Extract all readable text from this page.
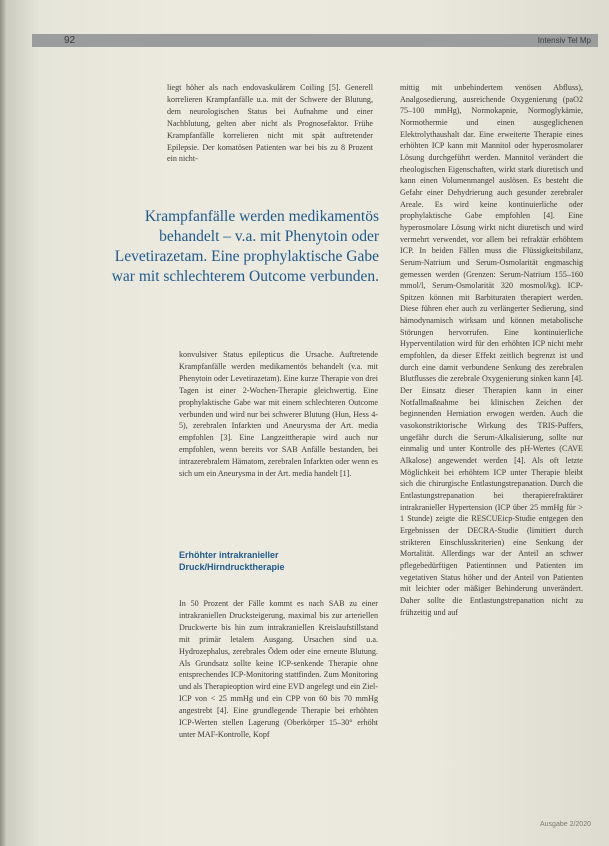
92	Intensiv Tel Mp

liegt höher als nach endovaskulärem Coiling [5]. Generell korrelieren Krampfanfälle u.a. mit der Schwere der Blutung, dem neurologischen Status bei Aufnahme und einer Nachblutung, gelten aber nicht als Prognosefaktor. Frühe Krampfanfälle korrelieren nicht mit spät auftretender Epilepsie. Der komatösen Patienten war bei bis zu 8 Prozent ein nicht-

Krampfanfälle werden medikamentös behandelt – v.a. mit Phenytoin oder Levetirazetam. Eine prophylaktische Gabe war mit schlechterem Outcome verbunden.

konvulsiver Status epilepticus die Ursache. Auftretende Krampfanfälle werden medikamentös behandelt (v.a. mit Phenytoin oder Levetirazetam). Eine kurze Therapie von drei Tagen ist einer 2-Wochen-Therapie gleichwertig. Eine prophylaktische Gabe war mit einem schlechteren Outcome verbunden und wird nur bei schwerer Blutung (Hun, Hess 4-5), zerebralen Infarkten und Aneurysma der Art. media empfohlen [3]. Eine Langzeittherapie wird auch nur empfohlen, wenn bereits vor SAB Anfälle bestanden, bei intrazerebralem Hämatom, zerebralen Infarkten oder wenn es sich um ein Aneurysma in der Art. media handelt [1].

Erhöhter intrakranieller Druck/Hirndrucktherapie

In 50 Prozent der Fälle kommt es nach SAB zu einer intrakraniellen Drucksteigerung, maximal bis zur arteriellen Druckwerte bis hin zum intrakraniellen Kreislaufstillstand mit primär letalem Ausgang. Ursachen sind u.a. Hydrozephalus, zerebrales Ödem oder eine erneute Blutung. Als Grundsatz sollte keine ICP-senkende Therapie ohne entsprechendes ICP-Monitoring stattfinden. Zum Monitoring und als Therapieoption wird eine EVD angelegt und ein Ziel-ICP von < 25 mmHg und ein CPP von 60 bis 70 mmHg angestrebt [4]. Eine grundlegende Therapie bei erhöhten ICP-Werten stellen Lagerung (Oberkörper 15–30° erhöht unter MAF-Kontrolle, Kopf

mittig mit unbehindertem venösen Abfluss), Analgosedierung, ausreichende Oxygenierung (paO2 75–100 mmHg), Normokapnie, Normoglykämie, Normothermie und einen ausgeglichenen Elektrolythaushalt dar. Eine erweiterte Therapie eines erhöhten ICP kann mit Mannitol oder hyperosmolarer Lösung durchgeführt werden. Mannitol verändert die rheologischen Eigenschaften, wirkt stark diuretisch und kann einen Volumenmangel auslösen. Es besteht die Gefahr einer Dehydrierung auch gesunder zerebraler Areale. Es wird keine kontinuierliche oder prophylaktische Gabe empfohlen [4]. Eine hyperosmolare Lösung wirkt nicht diuretisch und wird vermehrt verwendet, vor allem bei refraktär erhöhtem ICP. In beiden Fällen muss die Flüssigkeitsbilanz, Serum-Natrium und Serum-Osmolarität engmaschig gemessen werden (Grenzen: Serum-Natrium 155–160 mmol/l, Serum-Osmolarität 320 mosmol/kg). ICP-Spitzen können mit Barbituraten therapiert werden. Diese führen eher auch zu verlängerter Sedierung, sind hämodynamisch wirksam und können metabolische Störungen hervorrufen. Eine kontinuierliche Hyperventilation wird für den erhöhten ICP nicht mehr empfohlen, da dieser Effekt zeitlich begrenzt ist und durch eine damit verbundene Senkung des zerebralen Blutflusses die zerebrale Oxygenierung sinken kann [4]. Der Einsatz dieser Therapien kann in einer Notfallmaßnahme bei klinischen Zeichen der beginnenden Herniation erwogen werden. Auch die vasokonstriktorische Wirkung des TRIS-Puffers, ungefähr durch die Serum-Alkalisierung, sollte nur einmalig und unter Kontrolle des pH-Wertes (CAVE Alkalose) angewendet werden [4]. Als oft letzte Möglichkeit bei erhöhtem ICP unter Therapie bleibt sich die chirurgische Entlastungstrepanation. Durch die Entlastungstrepanation bei therapierefraktärer intrakranieller Hypertension (ICP über 25 mmHg für > 1 Stunde) zeigte die RESCUEicp-Studie entgegen den Ergebnissen der DECRA-Studie (limitiert durch strikteren Einschlusskriterien) eine Senkung der Mortalität. Allerdings war der Anteil an schwer pflegebedürftigen Patientinnen und Patienten im vegetativen Status höher und der Anteil von Patienten mit leichter oder mäßiger Behinderung unverändert. Daher sollte die Entlastungstrepanation nicht zu frühzeitig und auf

Ausgabe 2/2020
